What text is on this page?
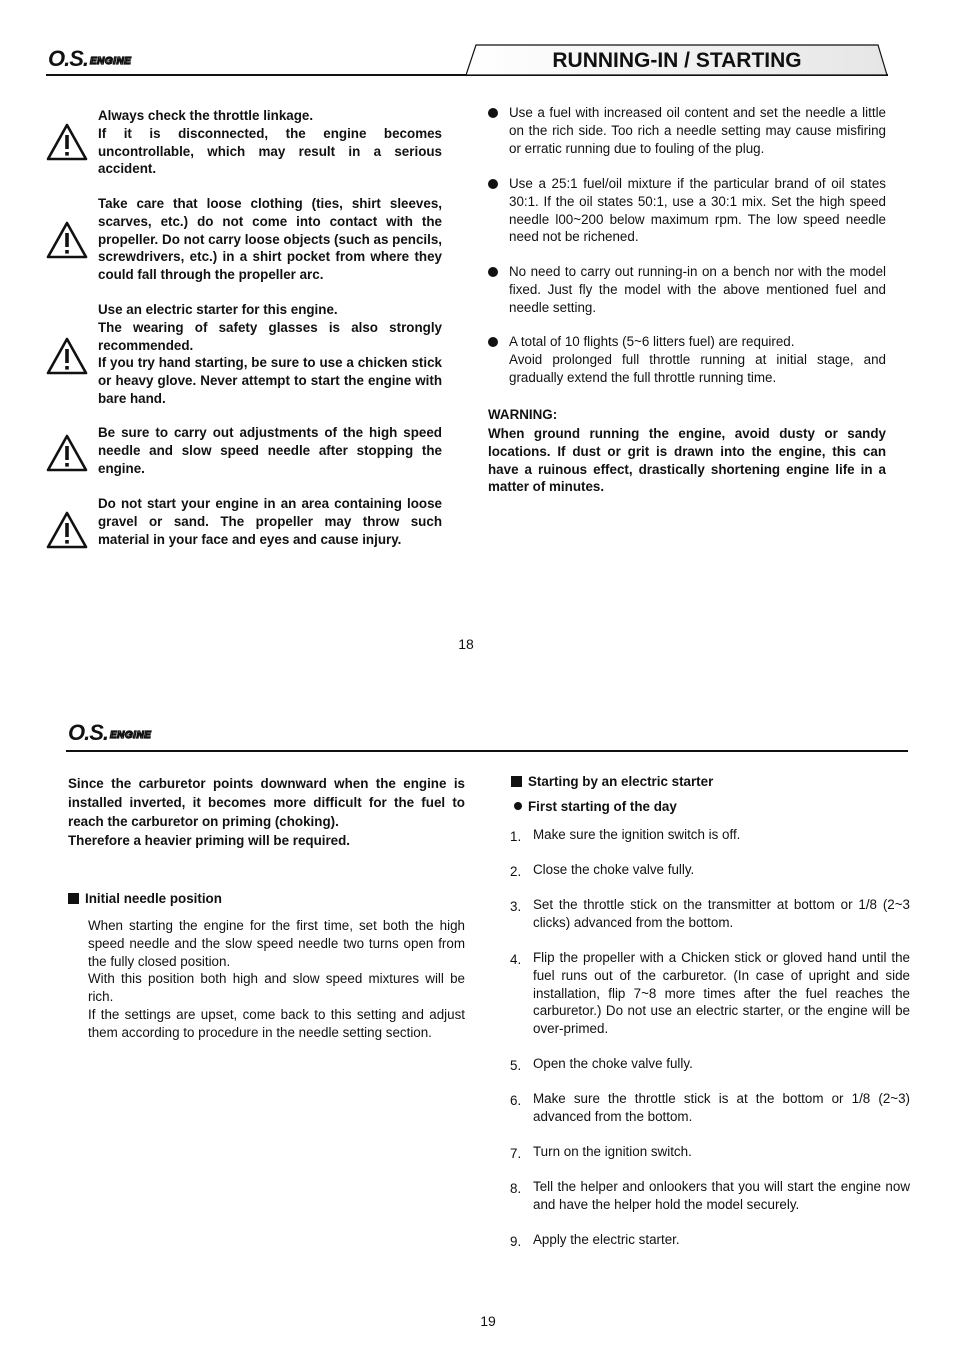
O.S. ENGINE	RUNNING-IN / STARTING
Always check the throttle linkage.
If it is disconnected, the engine becomes uncontrollable, which may result in a serious accident.
Take care that loose clothing (ties, shirt sleeves, scarves, etc.) do not come into contact with the propeller. Do not carry loose objects (such as pencils, screwdrivers, etc.) in a shirt pocket from where they could fall through the propeller arc.
Use an electric starter for this engine.
The wearing of safety glasses is also strongly recommended.
If you try hand starting, be sure to use a chicken stick or heavy glove. Never attempt to start the engine with bare hand.
Be sure to carry out adjustments of the high speed needle and slow speed needle after stopping the engine.
Do not start your engine in an area containing loose gravel or sand. The propeller may throw such material in your face and eyes and cause injury.
Use a fuel with increased oil content and set the needle a little on the rich side. Too rich a needle setting may cause misfiring or erratic running due to fouling of the plug.
Use a 25:1 fuel/oil mixture if the particular brand of oil states 30:1. If the oil states 50:1, use a 30:1 mix. Set the high speed needle l00~200 below maximum rpm. The low speed needle need not be richened.
No need to carry out running-in on a bench nor with the model fixed. Just fly the model with the above mentioned fuel and needle setting.
A total of 10 flights (5~6 litters fuel) are required.
Avoid prolonged full throttle running at initial stage, and gradually extend the full throttle running time.
WARNING:
When ground running the engine, avoid dusty or sandy locations. If dust or grit is drawn into the engine, this can have a ruinous effect, drastically shortening engine life in a matter of minutes.
18
O.S. ENGINE
Since the carburetor points downward when the engine is installed inverted, it becomes more difficult for the fuel to reach the carburetor on priming (choking).
Therefore a heavier priming will be required.
Initial needle position
When starting the engine for the first time, set both the high speed needle and the slow speed needle two turns open from the fully closed position.
With this position both high and slow speed mixtures will be rich.
If the settings are upset, come back to this setting and adjust them according to procedure in the needle setting section.
Starting by an electric starter
First starting of the day
1. Make sure the ignition switch is off.
2. Close the choke valve fully.
3. Set the throttle stick on the transmitter at bottom or 1/8 (2~3 clicks) advanced from the bottom.
4. Flip the propeller with a Chicken stick or gloved hand until the fuel runs out of the carburetor. (In case of upright and side installation, flip 7~8 more times after the fuel reaches the carburetor.) Do not use an electric starter, or the engine will be over-primed.
5. Open the choke valve fully.
6. Make sure the throttle stick is at the bottom or 1/8 (2~3) advanced from the bottom.
7. Turn on the ignition switch.
8. Tell the helper and onlookers that you will start the engine now and have the helper hold the model securely.
9. Apply the electric starter.
19
